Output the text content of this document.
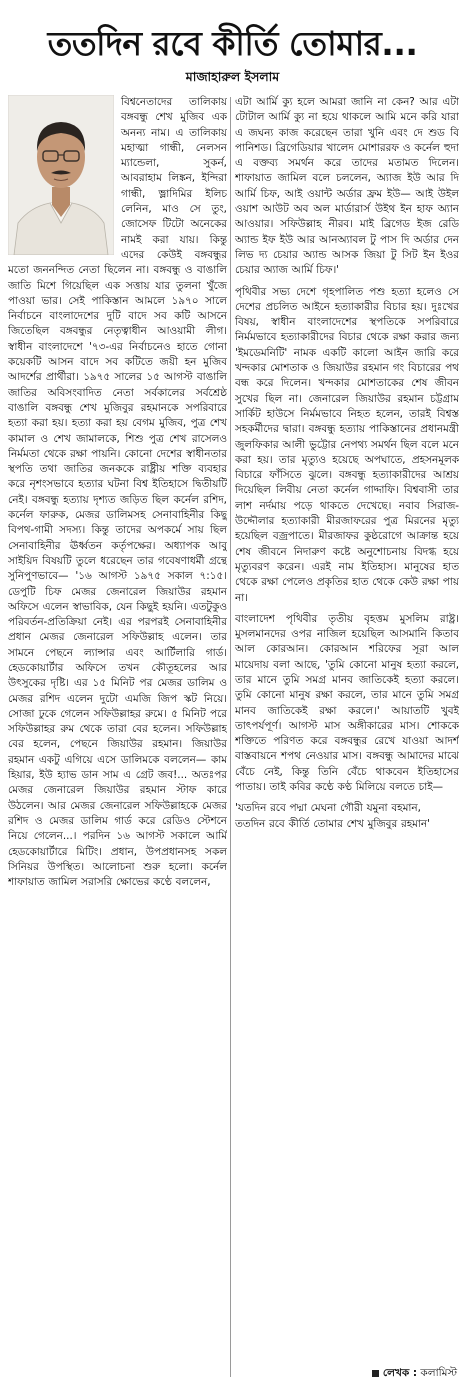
ততদিন রবে কীর্তি তোমার...
মাজাহারুল ইসলাম

বিশ্বনেতাদের তালিকায় বঙ্গবন্ধু শেখ মুজিব এক অনন্য নাম। এ তালিকায় মহাত্মা গান্ধী, নেলসন ম্যান্ডেলা, সুকর্ন, আবরাহাম লিঙ্কন, ইন্দিরা গান্ধী, ভ্লাদিমির ইলিচ লেনিন, মাও সে তুং, জোসেফ টিটো অনেকের নামই করা যায়। কিন্তু এদের কেউই বঙ্গবন্ধুর মতো জননন্দিত নেতা ছিলেন না। বঙ্গবন্ধু ও বাঙালি জাতি মিশে গিয়েছিল এক সত্তায় যার তুলনা খুঁজে পাওয়া ভার। সেই পাকিস্তান আমলে ১৯৭০ সালে নির্বাচনে বাংলাদেশের দুটি বাদে সব কটি আসনে জিতেছিল বঙ্গবন্ধুর নেতৃত্বাধীন আওয়ামী লীগ। স্বাধীন বাংলাদেশে '৭৩-এর নির্বাচনেও হাতে গোনা কয়েকটি আসন বাদে সব কটিতে জয়ী হন মুজিব আদর্শের প্রার্থীরা। ১৯৭৫ সালের ১৫ আগস্ট বাঙালি জাতির অবিসংবাদিত নেতা সর্বকালের সর্বশ্রেষ্ঠ বাঙালি বঙ্গবন্ধু শেখ মুজিবুর রহমানকে সপরিবারে হত্যা করা হয়। হত্যা করা হয় বেগম মুজিব, পুত্র শেখ কামাল ও শেখ জামালকে, শিশু পুত্র শেখ রাসেলও নির্মমতা থেকে রক্ষা পায়নি। কোনো দেশের স্বাধীনতার স্থপতি তথা জাতির জনককে রাষ্ট্রীয় শক্তি ব্যবহার করে নৃশংসভাবে হত্যার ঘটনা বিশ্ব ইতিহাসে দ্বিতীয়টি নেই। বঙ্গবন্ধু হত্যায় দৃশ্যত জড়িত ছিল কর্নেল রশিদ, কর্নেল ফারুক, মেজর ডালিমসহ সেনাবাহিনীর কিছু বিপথ-গামী সদস্য। কিন্তু তাদের অপকর্মে সায় ছিল সেনাবাহিনীর ঊর্ধ্বতন কর্তৃপক্ষের। অধ্যাপক আবু সাইয়িদ বিষয়টি তুলে ধরেছেন তার গবেষণাধর্মী গ্রন্থে সুনিপুণভাবে— '১৬ আগস্ট ১৯৭৫ সকাল ৭:১৫। ডেপুটি চিফ মেজর জেনারেল জিয়াউর রহমান অফিসে এলেন স্বাভাবিক, যেন কিছুই হয়নি। এতটুকুও পরিবর্তন-প্রতিক্রিয়া নেই। এর পরপরই সেনাবাহিনীর প্রধান মেজর জেনারেল সফিউল্লাহ এলেন। তার সামনে পেছনে ল্যান্সার এবং আর্টিলারি গার্ড। হেডকোয়ার্টার অফিসে তখন কৌতূহলের আর উৎসুকের দৃষ্টি। এর ১৫ মিনিট পর মেজর ডালিম ও মেজর রশিদ এলেন দুটো এমজি জিপ স্কট নিয়ে। সোজা ঢুকে গেলেন সফিউল্লাহর রুমে। ৫ মিনিট পরে সফিউল্লাহর রুম থেকে তারা বের হলেন। সফিউল্লাহ বের হলেন, পেছনে জিয়াউর রহমান। জিয়াউর রহমান একটু এগিয়ে এসে ডালিমকে বললেন— কাম হিয়ার, ইউ হ্যাভ ডান সাম এ গ্রেট জব!... অতঃপর মেজর জেনারেল জিয়াউর রহমান স্টাফ কারে উঠলেন। আর মেজর জেনারেল সফিউল্লাহকে মেজর রশিদ ও মেজর ডালিম গার্ড করে রেডিও স্টেশনে নিয়ে গেলেন...। পরদিন ১৬ আগস্ট সকালে আর্মি হেডকোয়ার্টারে মিটিং। প্রধান, উপপ্রধানসহ সকল সিনিয়র উপস্থিত। আলোচনা শুরু হলো। কর্নেল শাফায়াত জামিল সরাসরি ক্ষোভের কণ্ঠে বললেন,

এটা আর্মি ক্যু হলে আমরা জানি না কেন? আর এটা টোটাল আর্মি ক্যু না হয়ে থাকলে আমি মনে করি যারা এ জঘন্য কাজ করেছেন তারা খুনি এবং দে শুড বি পানিশড। ব্রিগেডিয়ার খালেদ মোশাররফ ও কর্নেল হুদা এ বক্তব্য সমর্থন করে তাদের মতামত দিলেন। শাফায়াত জামিল বলে চললেন, অ্যাজ ইউ আর দি আর্মি চিফ, আই ওয়ান্ট অর্ডার ফ্রম ইউ— আই উইল ওয়াশ আউট অব অল মার্ডারার্স উইথ ইন হাফ অ্যান আওয়ার। সফিউল্লাহ নীরব। মাই ব্রিগেড ইজ রেডি অ্যান্ড ইফ ইউ আর আনঅ্যাবল টু পাস দি অর্ডার দেন লিভ দ্য চেয়ার অ্যান্ড আসক জিয়া টু সিট ইন ইওর চেয়ার অ্যাজ আর্মি চিফ।'

পৃথিবীর সভ্য দেশে গৃহপালিত পশু হত্যা হলেও সে দেশের প্রচলিত আইনে হত্যাকারীর বিচার হয়। দুঃখের বিষয়, স্বাধীন বাংলাদেশের স্থপতিকে সপরিবারে নির্মমভাবে হত্যাকারীদের বিচার থেকে রক্ষা করার জন্য 'ইমডেমনিটি' নামক একটি কালো আইন জারি করে খন্দকার মোশতাক ও জিয়াউর রহমান গং বিচারের পথ বন্ধ করে দিলেন। খন্দকার মোশতাকের শেষ জীবন সুখের ছিল না। জেনারেল জিয়াউর রহমান চট্টগ্রাম সার্কিট হাউসে নির্মমভাবে নিহত হলেন, তারই বিশ্বস্ত সহকর্মীদের দ্বারা। বঙ্গবন্ধু হত্যায় পাকিস্তানের প্রধানমন্ত্রী জুলফিকার আলী ভুট্টোর নেপথ্য সমর্থন ছিল বলে মনে করা হয়। তার মৃত্যুও হয়েছে অপঘাতে, প্রহসনমূলক বিচারে ফাঁসিতে ঝুলে। বঙ্গবন্ধু হত্যাকারীদের আশ্রয় দিয়েছিল লিবীয় নেতা কর্নেল গাদ্দাফি। বিশ্ববাসী তার লাশ নর্দমায় পড়ে থাকতে দেখেছে। নবাব সিরাজ-উদ্দৌলার হত্যাকারী মীরজাফরের পুত্র মিরনের মৃত্যু হয়েছিল বজ্রপাতে। মীরজাফর কুষ্ঠরোগে আক্রান্ত হয়ে শেষ জীবনে নিদারুণ কষ্টে অনুশোচনায় বিদগ্ধ হয়ে মৃত্যুবরণ করেন। এরই নাম ইতিহাস। মানুষের হাত থেকে রক্ষা পেলেও প্রকৃতির হাত থেকে কেউ রক্ষা পায় না।

বাংলাদেশ পৃথিবীর তৃতীয় বৃহত্তম মুসলিম রাষ্ট্র। মুসলমানদের ওপর নাজিল হয়েছিল আসমানি কিতাব আল কোরআন। কোরআন শরিফের সূরা আল মায়েদায় বলা আছে, 'তুমি কোনো মানুষ হত্যা করলে, তার মানে তুমি সমগ্র মানব জাতিকেই হত্যা করলে। তুমি কোনো মানুষ রক্ষা করলে, তার মানে তুমি সমগ্র মানব জাতিকেই রক্ষা করলে।' আয়াতটি খুবই তাৎপর্যপূর্ণ। আগস্ট মাস অঙ্গীকারের মাস। শোককে শক্তিতে পরিণত করে বঙ্গবন্ধুর রেখে যাওয়া আদর্শ বাস্তবায়নে শপথ নেওয়ার মাস। বঙ্গবন্ধু আমাদের মাঝে বেঁচে নেই, কিন্তু তিনি বেঁচে থাকবেন ইতিহাসের পাতায়। তাই কবির কণ্ঠে কণ্ঠ মিলিয়ে বলতে চাই—

'যতদিন রবে পদ্মা মেঘনা গৌরী যমুনা বহমান,
ততদিন রবে কীর্তি তোমার শেখ মুজিবুর রহমান'
লেখক : কলামিস্ট
